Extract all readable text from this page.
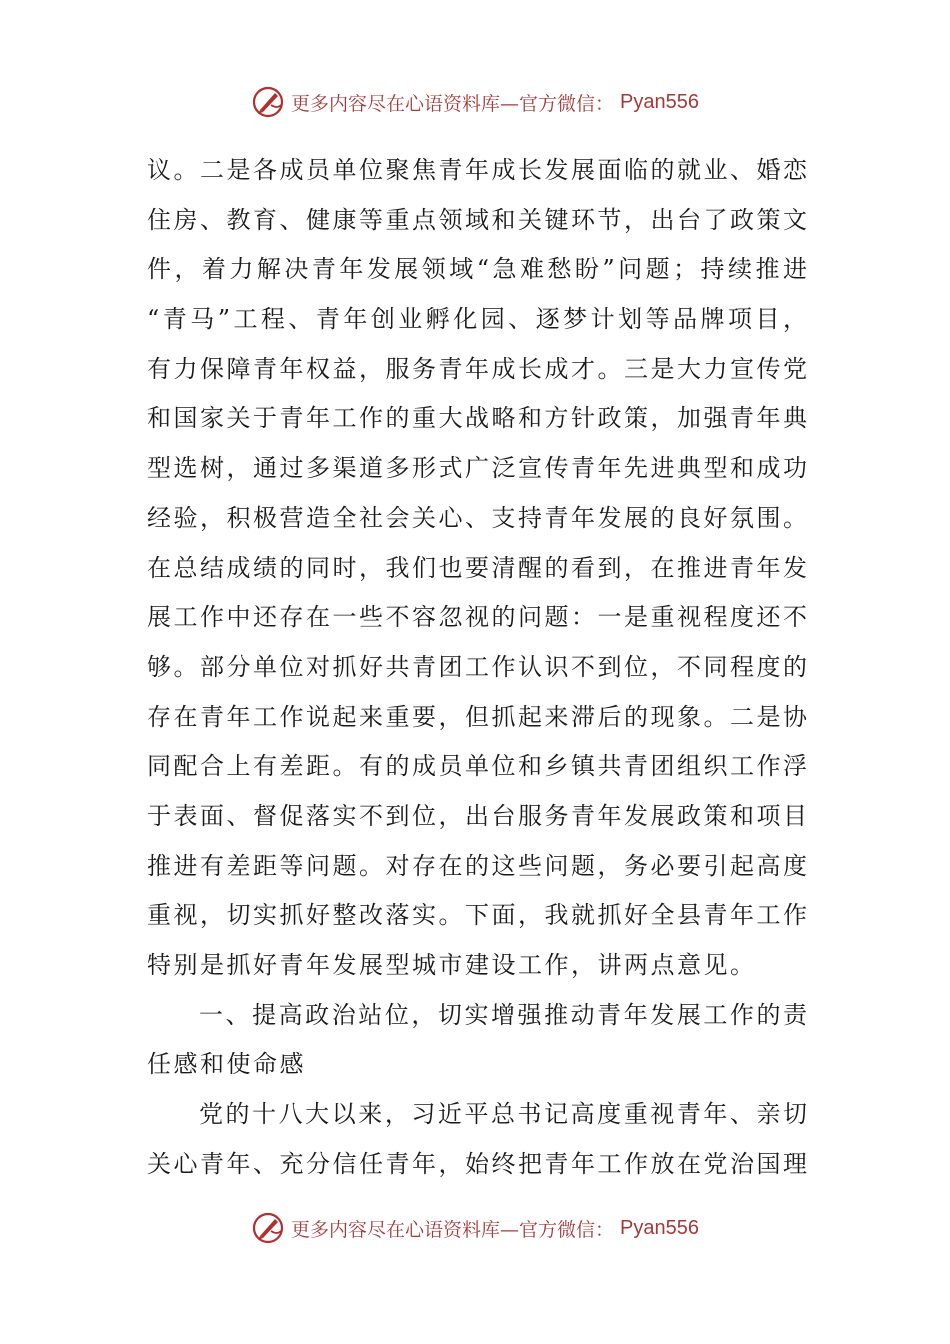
更多内容尽在心语资料库—官方微信： Pyan556
议。二是各成员单位聚焦青年成长发展面临的就业、婚恋
住房、教育、健康等重点领域和关键环节，出台了政策文
件，着力解决青年发展领域“急难愁盼”问题；持续推进
“青马”工程、青年创业孵化园、逐梦计划等品牌项目，
有力保障青年权益，服务青年成长成才。三是大力宣传党
和国家关于青年工作的重大战略和方针政策，加强青年典
型选树，通过多渠道多形式广泛宣传青年先进典型和成功
经验，积极营造全社会关心、支持青年发展的良好氛围。
在总结成绩的同时，我们也要清醒的看到，在推进青年发
展工作中还存在一些不容忽视的问题：一是重视程度还不
够。部分单位对抓好共青团工作认识不到位，不同程度的
存在青年工作说起来重要，但抓起来滞后的现象。二是协
同配合上有差距。有的成员单位和乡镇共青团组织工作浮
于表面、督促落实不到位，出台服务青年发展政策和项目
推进有差距等问题。对存在的这些问题，务必要引起高度
重视，切实抓好整改落实。下面，我就抓好全县青年工作
特别是抓好青年发展型城市建设工作，讲两点意见。
一、提高政治站位，切实增强推动青年发展工作的责
任感和使命感
党的十八大以来，习近平总书记高度重视青年、亲切
关心青年、充分信任青年，始终把青年工作放在党治国理
更多内容尽在心语资料库—官方微信： Pyan556
